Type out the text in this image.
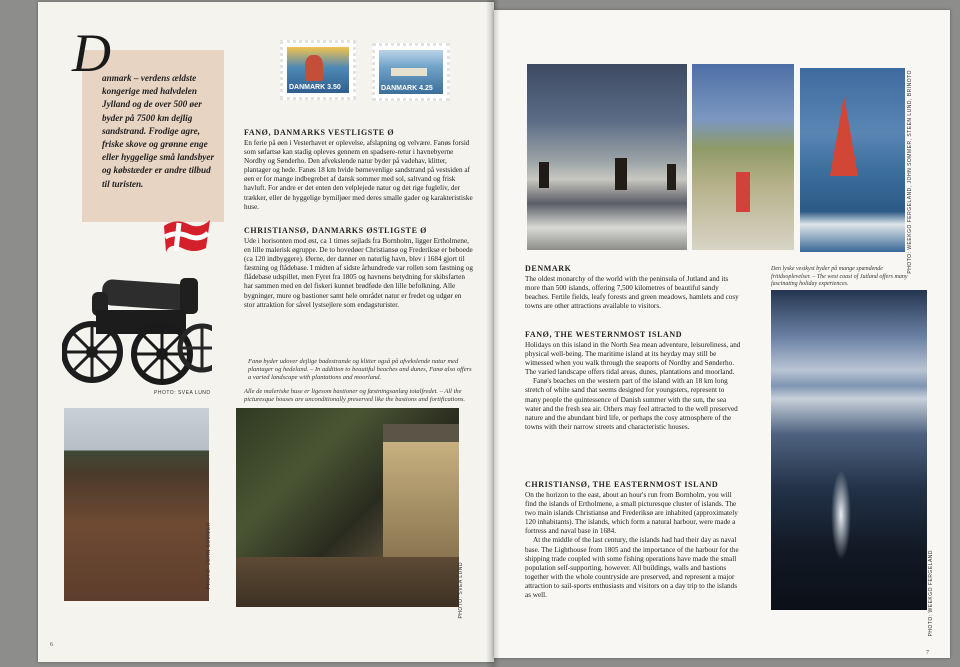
D
anmark – verdens ældste kongerige med halvdelen Jylland og de over 500 øer byder på 7500 km dejlig sandstrand. Frodige agre, friske skove og grønne enge eller hyggelige små landsbyer og købstæder er andre tilbud til turisten.
DANMARK 3.50	DANMARK 4.25
FANØ, DANMARKS VESTLIGSTE Ø

En ferie på øen i Vesterhavet er oplevelse, afslapning og velvære. Fanøs forsid som søfartsø kan stadig opleves gennem en spadsere-retur i havnebyerne Nordby og Sønderho. Den afvekslende natur byder på vadehav, klitter, plantager og hede. Fanøs 18 km hvide børnevenlige sandstrand på vestsiden af øen er for mange indbegrebet af dansk sommer med sol, saltvand og frisk havluft. For andre er det enten den velplejede natur og det rige fugleliv, der trækker, eller de hyggelige bymiljøer med deres smalle gader og karakteristiske huse.

CHRISTIANSØ, DANMARKS ØSTLIGSTE Ø

Ude i horisonten mod øst, ca 1 times sejlads fra Bornholm, ligger Ertholmene, en lille malerisk øgruppe. De to hovedøer Christiansø og Frederiksø er beboede (ca 120 indbyggere). Øerne, der danner en naturlig havn, blev i 1684 gjort til fæstning og flådebase. I midten af sidste århundrede var rollen som fæstning og flådebase udspillet, men Fyret fra 1805 og havnens betydning for skibsfarten har sammen med en del fiskeri kunnet brødføde den lille befolkning. Alle bygninger, mure og bastioner samt hele området natur er fredet og udgør en stor attraktion for såvel lystsejlere som endagsturister.

Fanø byder udover dejlige badestrande og klitter også på afvekslende natur med plantager og hedeland. – In addition to beautiful beaches and dunes, Fanø also offers a varied landscape with plantations and moorland.
PHOTO: SVEA LUND	Alle de maleriske huse er ligesom bastioner og fæstningsanlæg totalfredet. – All the picturesque houses are unconditionally preserved like the bastions and fortifications.
PHOTO: JOHN SOMMER
PHOTO: SVEA LUND
6
PHOTO: WEEKGO FERGELAND, JOHN SOMMER, STEEN LUND, BRINOTO
Den lyske vestkyst byder på mange spændende fritidsoplevelser. – The west coast of Jutland offers many fascinating holiday experiences.
DENMARK

The oldest monarchy of the world with the peninsula of Jutland and its more than 500 islands, offering 7,500 kilometres of beautiful sandy beaches. Fertile fields, leafy forests and green meadows, hamlets and cosy towns are other attractions available to visitors.

FANØ, THE WESTERNMOST ISLAND

Holidays on this island in the North Sea mean adventure, leisureliness, and physical well-being. The maritime island at its heyday may still be witnessed when you walk through the seaports of Nordby and Sønderho. The varied landscape offers tidal areas, dunes, plantations and moorland.

Fanø's beaches on the western part of the island with an 18 km long stretch of white sand that seems designed for youngsters, represent to many people the quintessence of Danish summer with the sun, the sea water and the fresh sea air. Others may feel attracted to the well preserved nature and the abundant bird life, or perhaps the cosy atmosphere of the towns with their narrow streets and characteristic houses.

CHRISTIANSØ, THE EASTERNMOST ISLAND

On the horizon to the east, about an hour's run from Bornholm, you will find the islands of Ertholmene, a small picturesque cluster of islands. The two main islands Christiansø and Frederiksø are inhabited (approximately 120 inhabitants). The islands, which form a natural harbour, were made a fortress and naval base in 1684.

At the middle of the last century, the islands had had their day as naval base. The Lighthouse from 1805 and the importance of the harbour for the shipping trade coupled with some fishing operations have made the small population self-supporting, however. All buildings, walls and bastions together with the whole countryside are preserved, and represent a major attraction to sail-sports enthusiasts and visitors on a day trip to the islands as well.	PHOTO: WEEKGO FERGELAND
7
